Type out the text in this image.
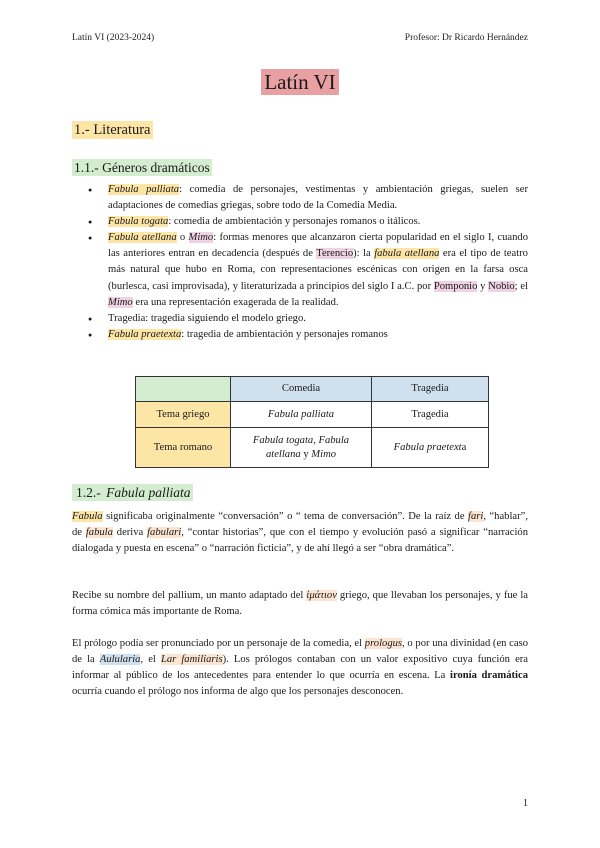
Latín VI (2023-2024)	Profesor: Dr Ricardo Hernández
Latín VI
1.- Literatura
1.1.- Géneros dramáticos
● Fabula palliata: comedia de personajes, vestimentas y ambientación griegas, suelen ser adaptaciones de comedias griegas, sobre todo de la Comedia Media.
● Fabula togata: comedia de ambientación y personajes romanos o itálicos.
● Fabula atellana o Mimo: formas menores que alcanzaron cierta popularidad en el siglo I, cuando las anteriores entran en decadencia (después de Terencio): la fabula atellana era el tipo de teatro más natural que hubo en Roma, con representaciones escénicas con origen en la farsa osca (burlesca, casi improvisada), y literaturizada a principios del siglo I a.C. por Pomponio y Nobio; el Mimo era una representación exagerada de la realidad.
● Tragedia: tragedia siguiendo el modelo griego.
● Fabula praetexta: tragedia de ambientación y personajes romanos
	Comedia	Tragedia
Tema griego	Fabula palliata	Tragedia
Tema romano	Fabula togata, Fabula atellana y Mimo	Fabula praetexta
1.2.- Fabula palliata

Fabula significaba originalmente “conversación” o “ tema de conversación”. De la raíz de fari, “hablar”, de fabula deriva fabulari, “contar historias”, que con el tiempo y evolución pasó a significar “narración dialogada y puesta en escena” o “narración ficticia”, y de ahí llegó a ser “obra dramática”.

Recibe su nombre del pallium, un manto adaptado del ἱμάτιον griego, que llevaban los personajes, y fue la forma cómica más importante de Roma.

El prólogo podía ser pronunciado por un personaje de la comedia, el prologus, o por una divinidad (en caso de la Aulularia, el Lar familiaris). Los prólogos contaban con un valor expositivo cuya función era informar al público de los antecedentes para entender lo que ocurría en escena. La ironía dramática ocurría cuando el prólogo nos informa de algo que los personajes desconocen.

1
